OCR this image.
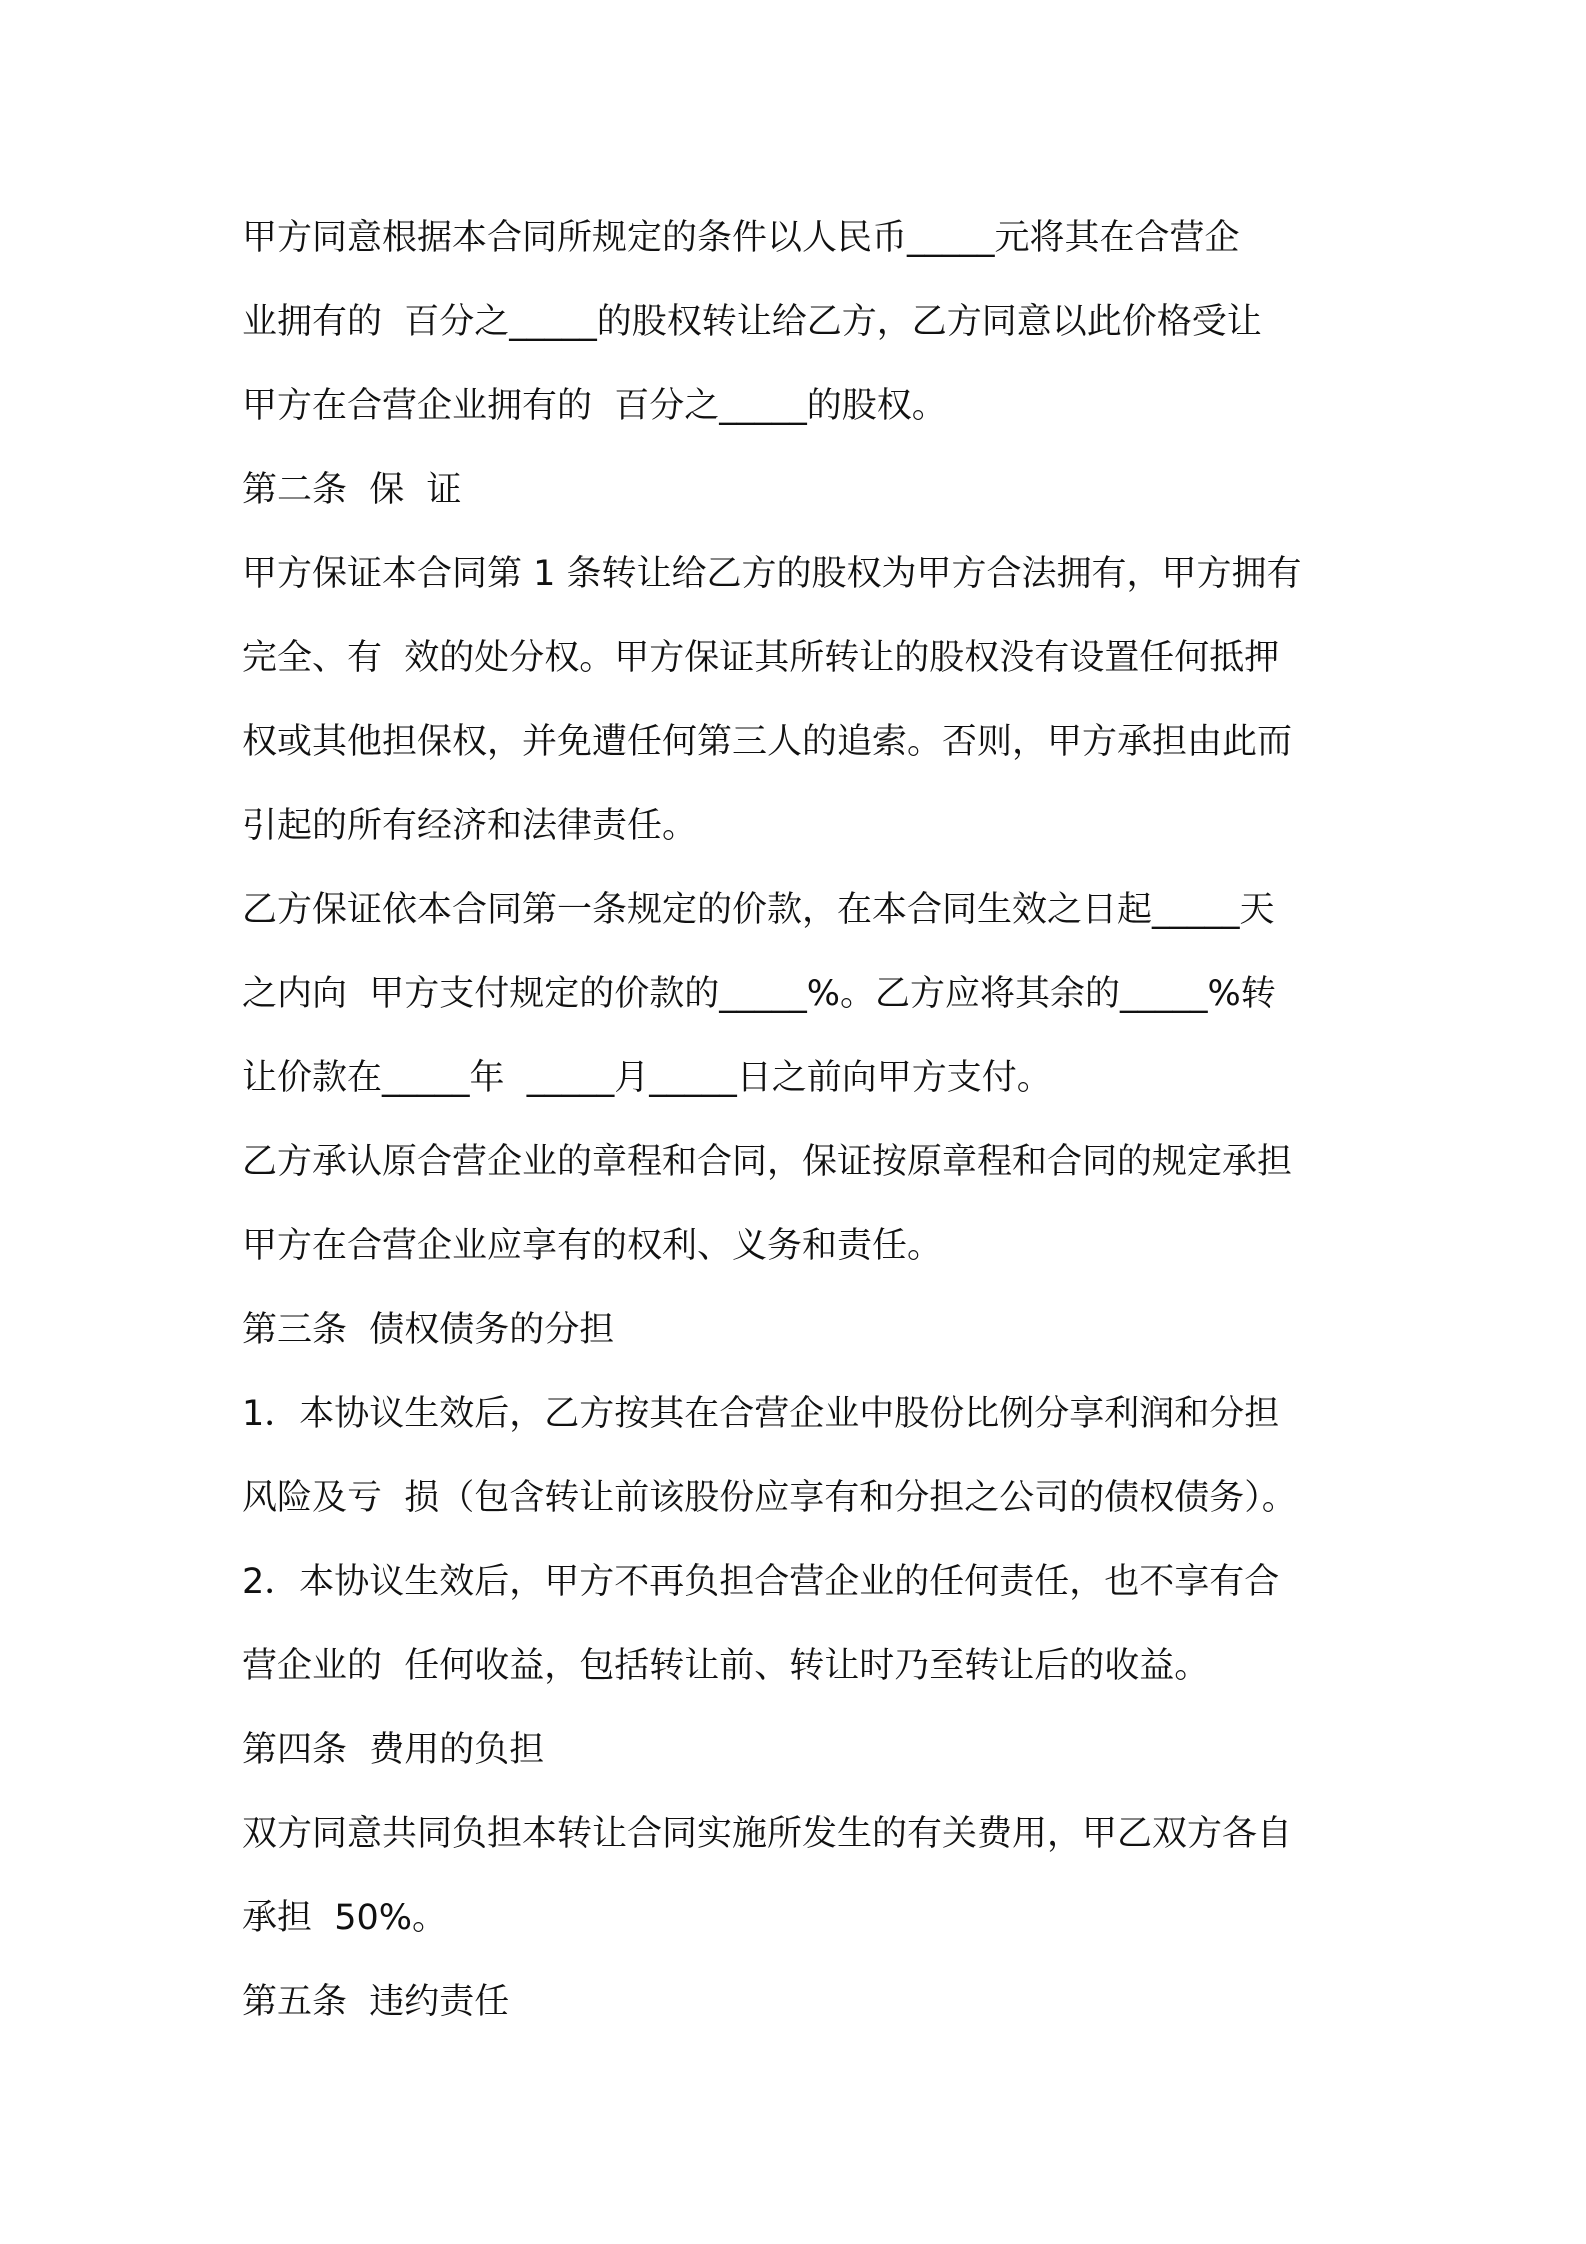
甲方同意根据本合同所规定的条件以人民币_____元将其在合营企
业拥有的  百分之_____的股权转让给乙方，乙方同意以此价格受让
甲方在合营企业拥有的  百分之_____的股权。
第二条  保  证
甲方保证本合同第 1 条转让给乙方的股权为甲方合法拥有，甲方拥有
完全、有  效的处分权。甲方保证其所转让的股权没有设置任何抵押
权或其他担保权，并免遭任何第三人的追索。否则，甲方承担由此而
引起的所有经济和法律责任。
乙方保证依本合同第一条规定的价款，在本合同生效之日起_____天
之内向  甲方支付规定的价款的_____%。乙方应将其余的_____%转
让价款在_____年  _____月_____日之前向甲方支付。
乙方承认原合营企业的章程和合同，保证按原章程和合同的规定承担
甲方在合营企业应享有的权利、义务和责任。
第三条  债权债务的分担
1．本协议生效后，乙方按其在合营企业中股份比例分享利润和分担
风险及亏  损（包含转让前该股份应享有和分担之公司的债权债务）。
2．本协议生效后，甲方不再负担合营企业的任何责任，也不享有合
营企业的  任何收益，包括转让前、转让时乃至转让后的收益。
第四条  费用的负担
双方同意共同负担本转让合同实施所发生的有关费用，甲乙双方各自
承担  50%。
第五条  违约责任
